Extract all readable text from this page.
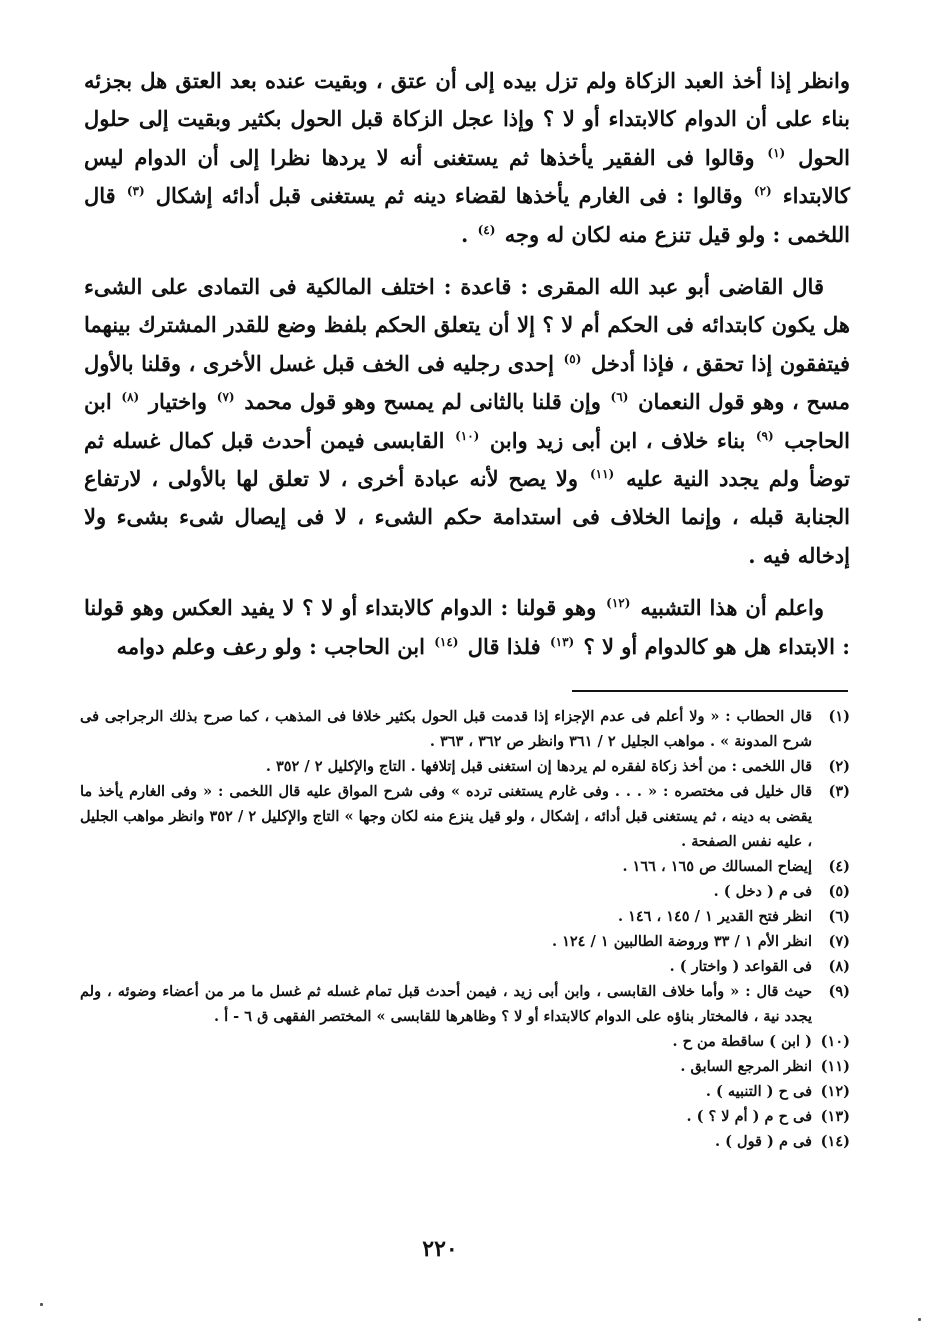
وانظر إذا أخذ العبد الزكاة ولم تزل بيده إلى أن عتق ، وبقيت عنده بعد العتق هل بجزئه بناء على أن الدوام كالابتداء أو لا ؟ وإذا عجل الزكاة قبل الحول بكثير وبقيت إلى حلول الحول $^{(١)}$ وقالوا فى الفقير يأخذها ثم يستغنى أنه لا يردها نظرا إلى أن الدوام ليس كالابتداء $^{(٢)}$ وقالوا : فى الغارم يأخذها لقضاء دينه ثم يستغنى قبل أدائه إشكال $^{(٣)}$ قال اللخمى : ولو قيل تنزع منه لكان له وجه $^{(٤)}$ .

قال القاضى أبو عبد الله المقرى : قاعدة : اختلف المالكية فى التمادى على الشىء هل يكون كابتدائه فى الحكم أم لا ؟ إلا أن يتعلق الحكم بلفظ وضع للقدر المشترك بينهما فيتفقون إذا تحقق ، فإذا أدخل $^{(٥)}$ إحدى رجليه فى الخف قبل غسل الأخرى ، وقلنا بالأول مسح ، وهو قول النعمان $^{(٦)}$ وإن قلنا بالثانى لم يمسح وهو قول محمد $^{(٧)}$ واختيار $^{(٨)}$ ابن الحاجب $^{(٩)}$ بناء خلاف ، ابن أبى زيد وابن $^{(١٠)}$ القابسى فيمن أحدث قبل كمال غسله ثم توضأ ولم يجدد النية عليه $^{(١١)}$ ولا يصح لأنه عبادة أخرى ، لا تعلق لها بالأولى ، لارتفاع الجنابة قبله ، وإنما الخلاف فى استدامة حكم الشىء ، لا فى إيصال شىء بشىء ولا إدخاله فيه .

واعلم أن هذا التشبيه $^{(١٢)}$ وهو قولنا : الدوام كالابتداء أو لا ؟ لا يفيد العكس وهو قولنا : الابتداء هل هو كالدوام أو لا ؟ $^{(١٣)}$ فلذا قال $^{(١٤)}$ ابن الحاجب : ولو رعف وعلم دوامه

(١)
قال الحطاب : « ولا أعلم فى عدم الإجزاء إذا قدمت قبل الحول بكثير خلافا فى المذهب ، كما صرح بذلك الرجراجى فى شرح المدونة » . مواهب الجليل ٢ / ٣٦١ وانظر ص ٣٦٢ ، ٣٦٣ .

(٢)
قال اللخمى : من أخذ زكاة لفقره لم يردها إن استغنى قبل إتلافها . التاج والإكليل ٢ / ٣٥٢ .

(٣)
قال خليل فى مختصره : « . . . وفى غارم يستغنى ترده » وفى شرح المواق عليه قال اللخمى : « وفى الغارم يأخذ ما يقضى به دينه ، ثم يستغنى قبل أدائه ، إشكال ، ولو قيل ينزع منه لكان وجها » التاج والإكليل ٢ / ٣٥٢ وانظر مواهب الجليل ، عليه نفس الصفحة .

(٤)
إيضاح المسالك ص ١٦٥ ، ١٦٦ .

(٥)
فى م ( دخل ) .

(٦)
انظر فتح القدير ١ / ١٤٥ ، ١٤٦ .

(٧)
انظر الأم ١ / ٣٣ وروضة الطالبين ١ / ١٢٤ .

(٨)
فى القواعد ( واختار ) .

(٩)
حيث قال : « وأما خلاف القابسى ، وابن أبى زيد ، فيمن أحدث قبل تمام غسله ثم غسل ما مر من أعضاء وضوئه ، ولم يجدد نية ، فالمختار بناؤه على الدوام كالابتداء أو لا ؟ وظاهرها للقابسى » المختصر الفقهى ق ٦ - أ .

(١٠)
( ابن ) ساقطة من ح .

(١١)
انظر المرجع السابق .

(١٢)
فى ح ( التنبيه ) .

(١٣)
فى ح م ( أم لا ؟ ) .

(١٤)
فى م ( قول ) .

٢٢٠
